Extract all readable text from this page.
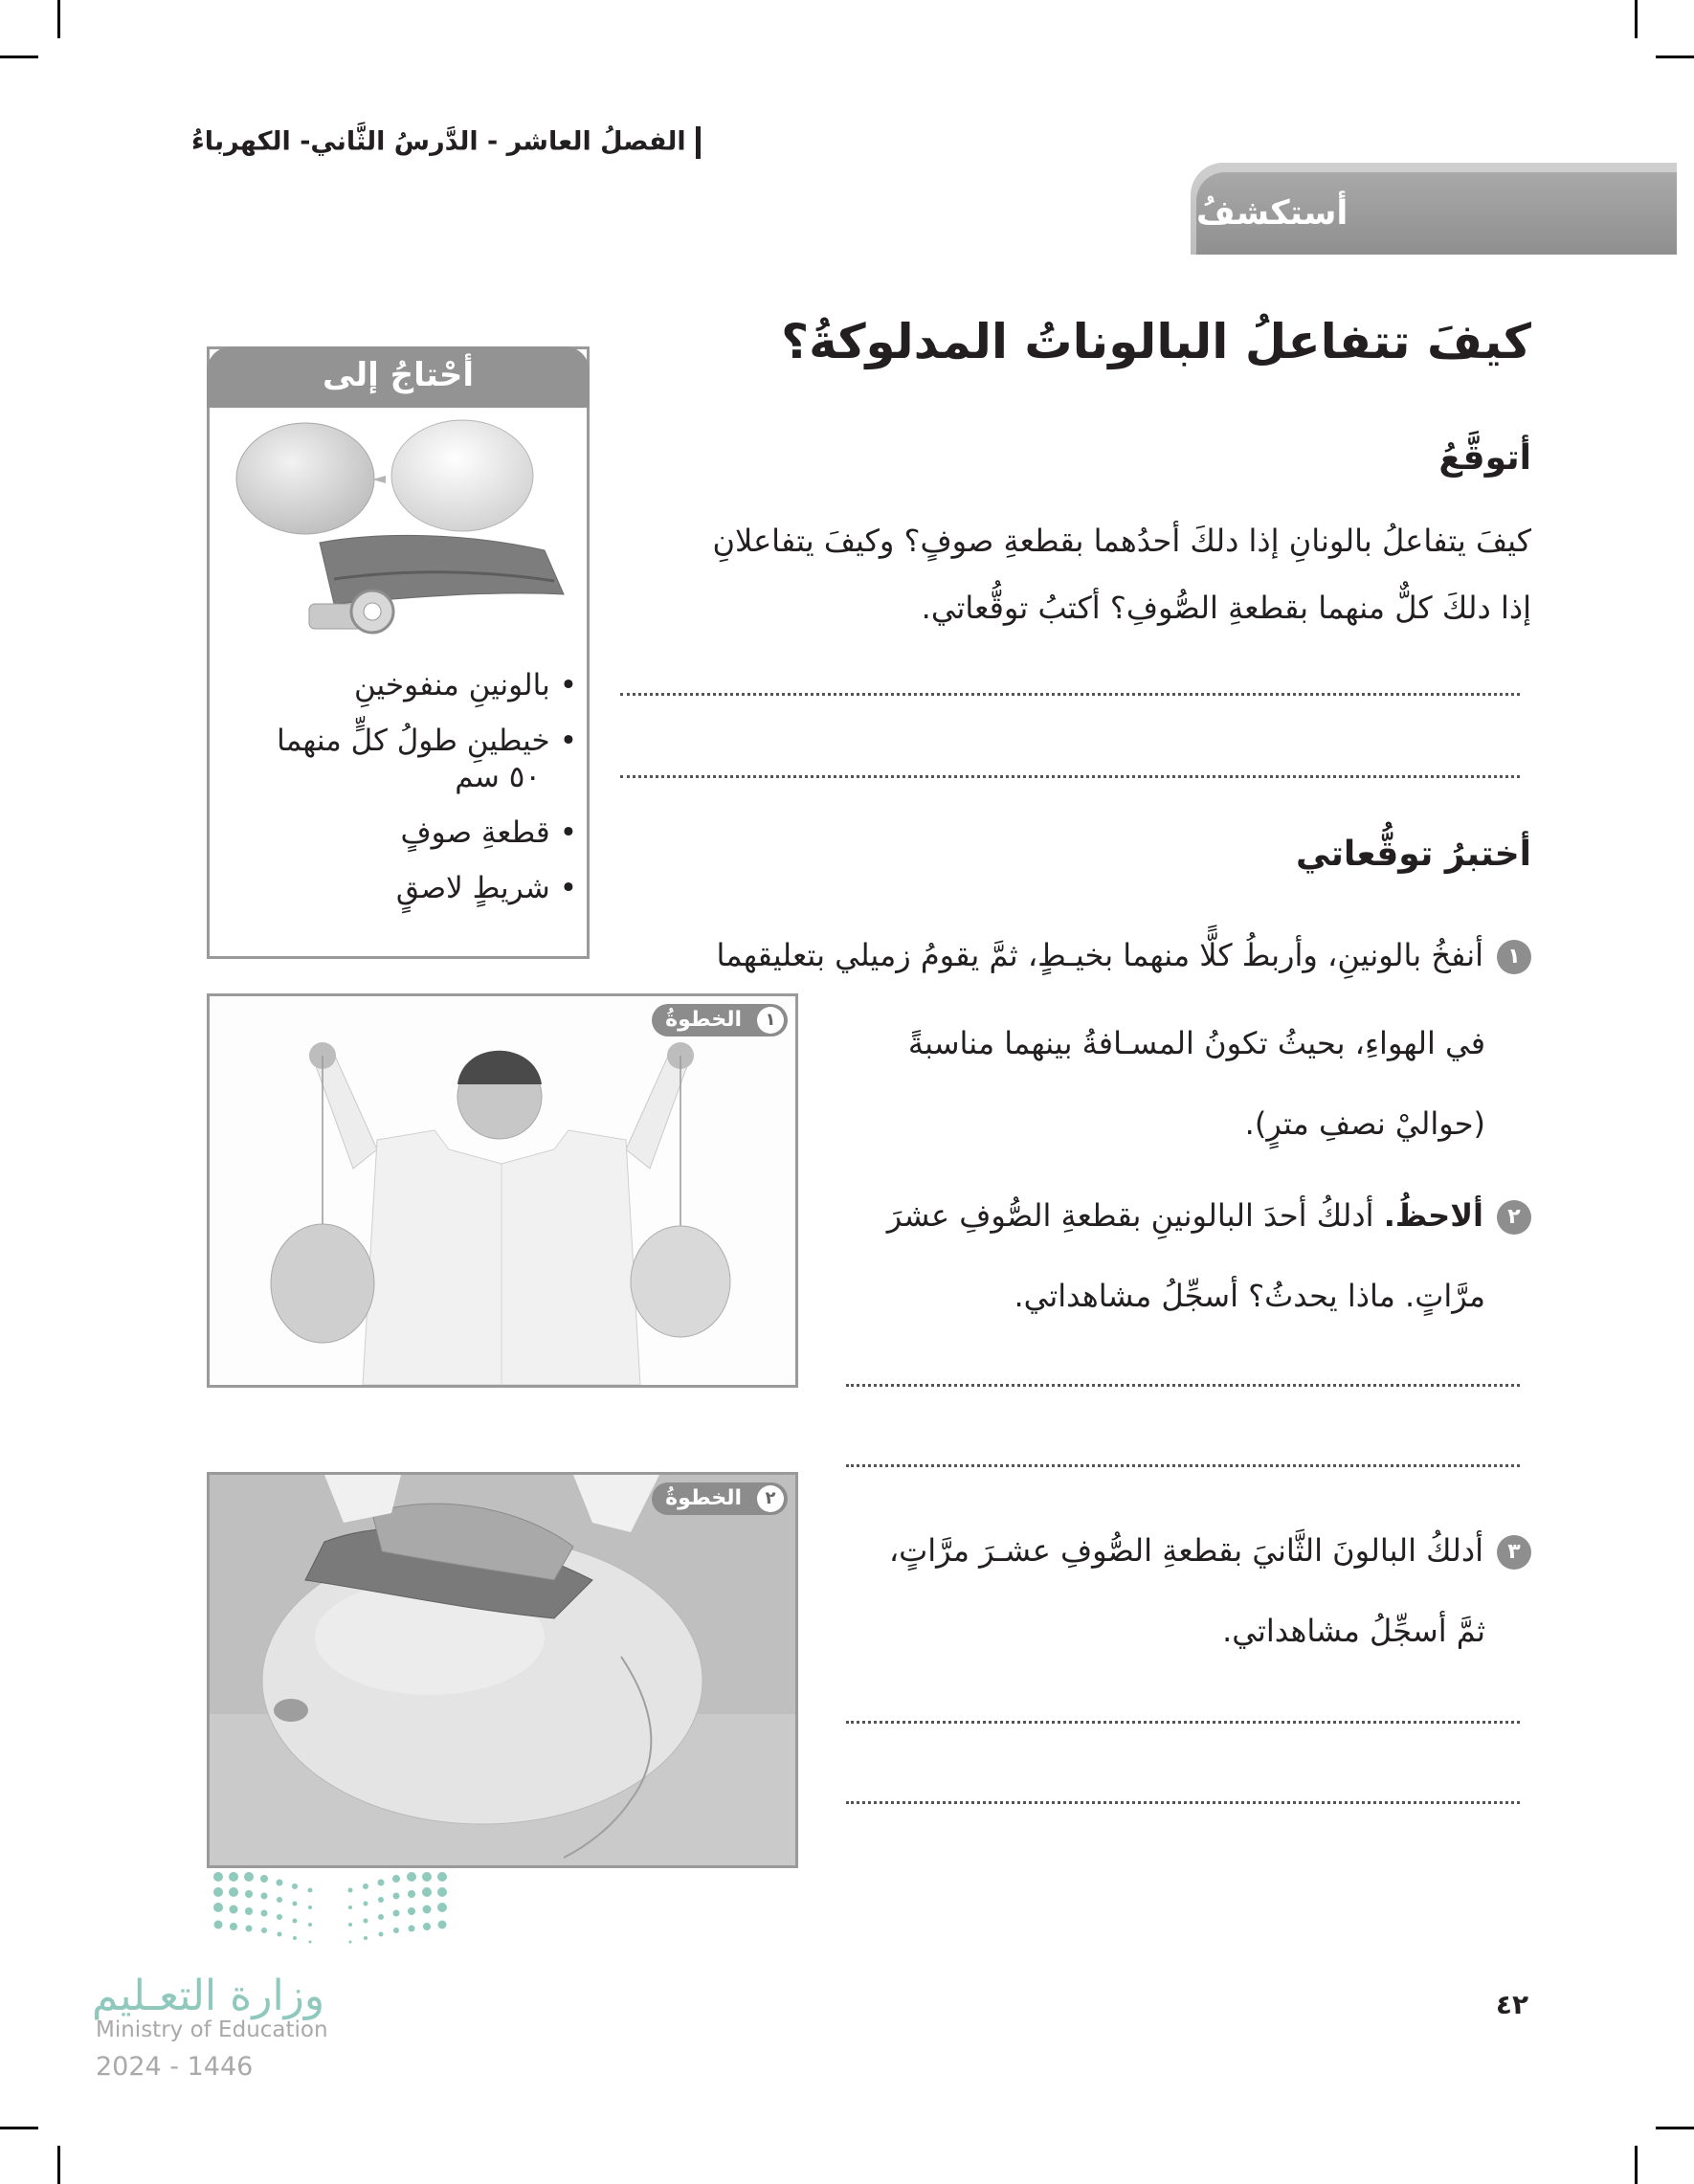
الفصلُ العاشر - الدَّرسُ الثَّاني- الكهرباءُ
أستكشفُ
كيفَ تتفاعلُ البالوناتُ المدلوكةُ؟
أتوقَّعُ
كيفَ يتفاعلُ بالونانِ إذا دلكَ أحدُهما بقطعةِ صوفٍ؟ وكيفَ يتفاعلانِ
إذا دلكَ كلٌّ منهما بقطعةِ الصُّوفِ؟ أكتبُ توقُّعاتي.
أختبرُ توقُّعاتي
١أنفخُ بالونينِ، وأربطُ كلًّا منهما بخيـطٍ، ثمَّ يقومُ زميلي بتعليقهما
في الهواءِ، بحيثُ تكونُ المسـافةُ بينهما مناسبةً
(حواليْ نصفِ مترٍ).
٢ألاحظُ. أدلكُ أحدَ البالونينِ بقطعةِ الصُّوفِ عشرَ
مرَّاتٍ. ماذا يحدثُ؟ أسجِّلُ مشاهداتي.
٣أدلكُ البالونَ الثَّانيَ بقطعةِ الصُّوفِ عشـرَ مرَّاتٍ،
ثمَّ أسجِّلُ مشاهداتي.
أحْتاجُ إلى
• بالونينِ منفوخينِ
• خيطينِ طولُ كلٍّ منهما
٥٠ سم
• قطعةِ صوفٍ
• شريطٍ لاصقٍ
الخطوةُ	١
الخطوةُ	٢
وزارة التعـليم
Ministry of Education
2024 - 1446
٤٢
